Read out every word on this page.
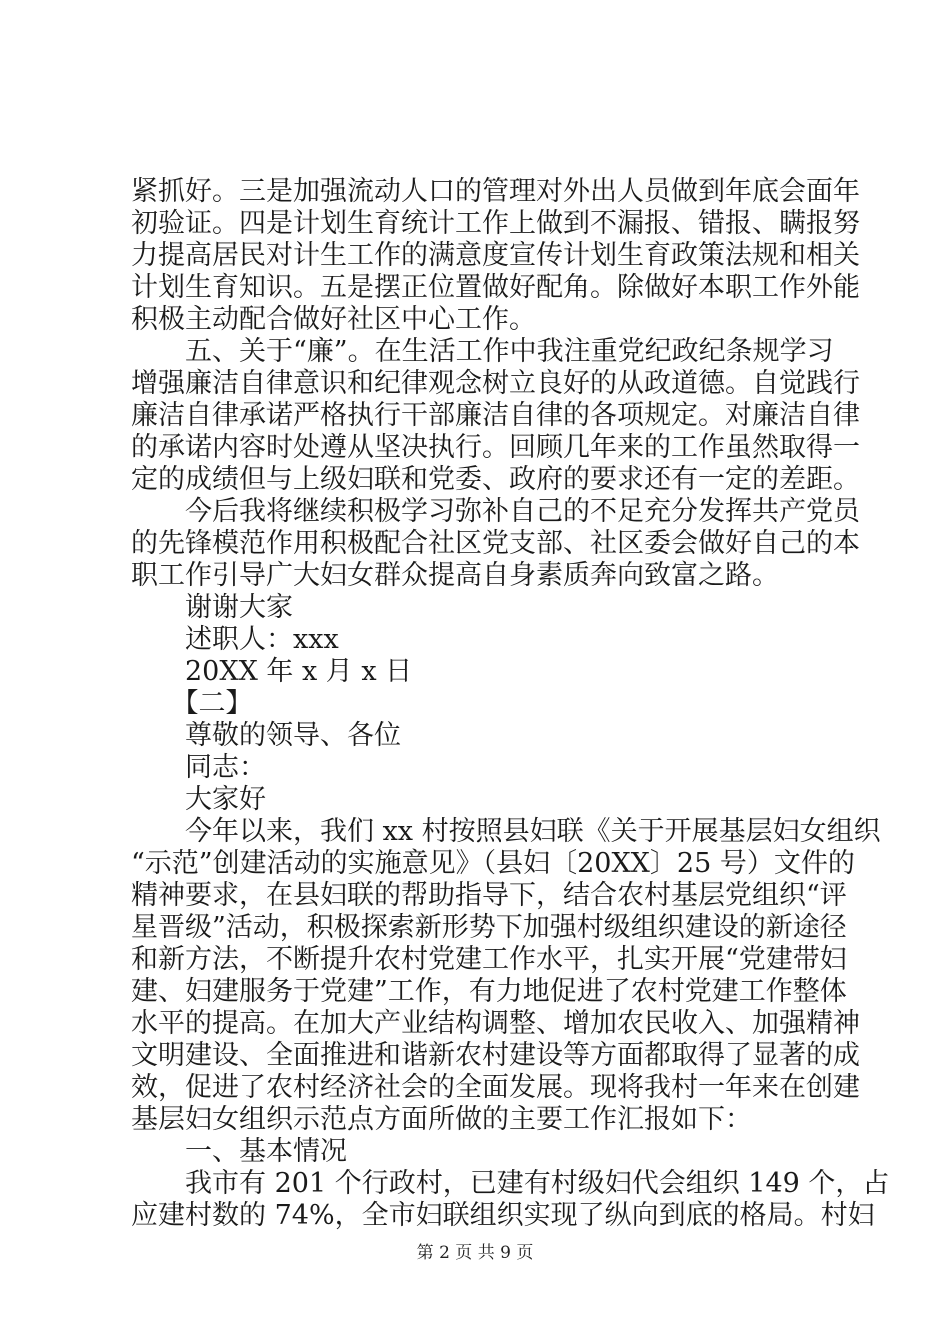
紧抓好。三是加强流动人口的管理对外出人员做到年底会面年
初验证。四是计划生育统计工作上做到不漏报、错报、瞒报努
力提高居民对计生工作的满意度宣传计划生育政策法规和相关
计划生育知识。五是摆正位置做好配角。除做好本职工作外能
积极主动配合做好社区中心工作。
　　五、关于“廉”。在生活工作中我注重党纪政纪条规学习
增强廉洁自律意识和纪律观念树立良好的从政道德。自觉践行
廉洁自律承诺严格执行干部廉洁自律的各项规定。对廉洁自律
的承诺内容时处遵从坚决执行。回顾几年来的工作虽然取得一
定的成绩但与上级妇联和党委、政府的要求还有一定的差距。
　　今后我将继续积极学习弥补自己的不足充分发挥共产党员
的先锋模范作用积极配合社区党支部、社区委会做好自己的本
职工作引导广大妇女群众提高自身素质奔向致富之路。
　　谢谢大家
　　述职人：xxx
　　20XX 年 x 月 x 日
　　【二】
　　尊敬的领导、各位
　　同志：
　　大家好
　　今年以来，我们 xx 村按照县妇联《关于开展基层妇女组织
“示范”创建活动的实施意见》（县妇〔20XX〕25 号）文件的
精神要求，在县妇联的帮助指导下，结合农村基层党组织“评
星晋级”活动，积极探索新形势下加强村级组织建设的新途径
和新方法，不断提升农村党建工作水平，扎实开展“党建带妇
建、妇建服务于党建”工作，有力地促进了农村党建工作整体
水平的提高。在加大产业结构调整、增加农民收入、加强精神
文明建设、全面推进和谐新农村建设等方面都取得了显著的成
效，促进了农村经济社会的全面发展。现将我村一年来在创建
基层妇女组织示范点方面所做的主要工作汇报如下：
　　一、基本情况
　　我市有 201 个行政村，已建有村级妇代会组织 149 个，占
应建村数的 74%，全市妇联组织实现了纵向到底的格局。村妇
第 2 页 共 9 页
